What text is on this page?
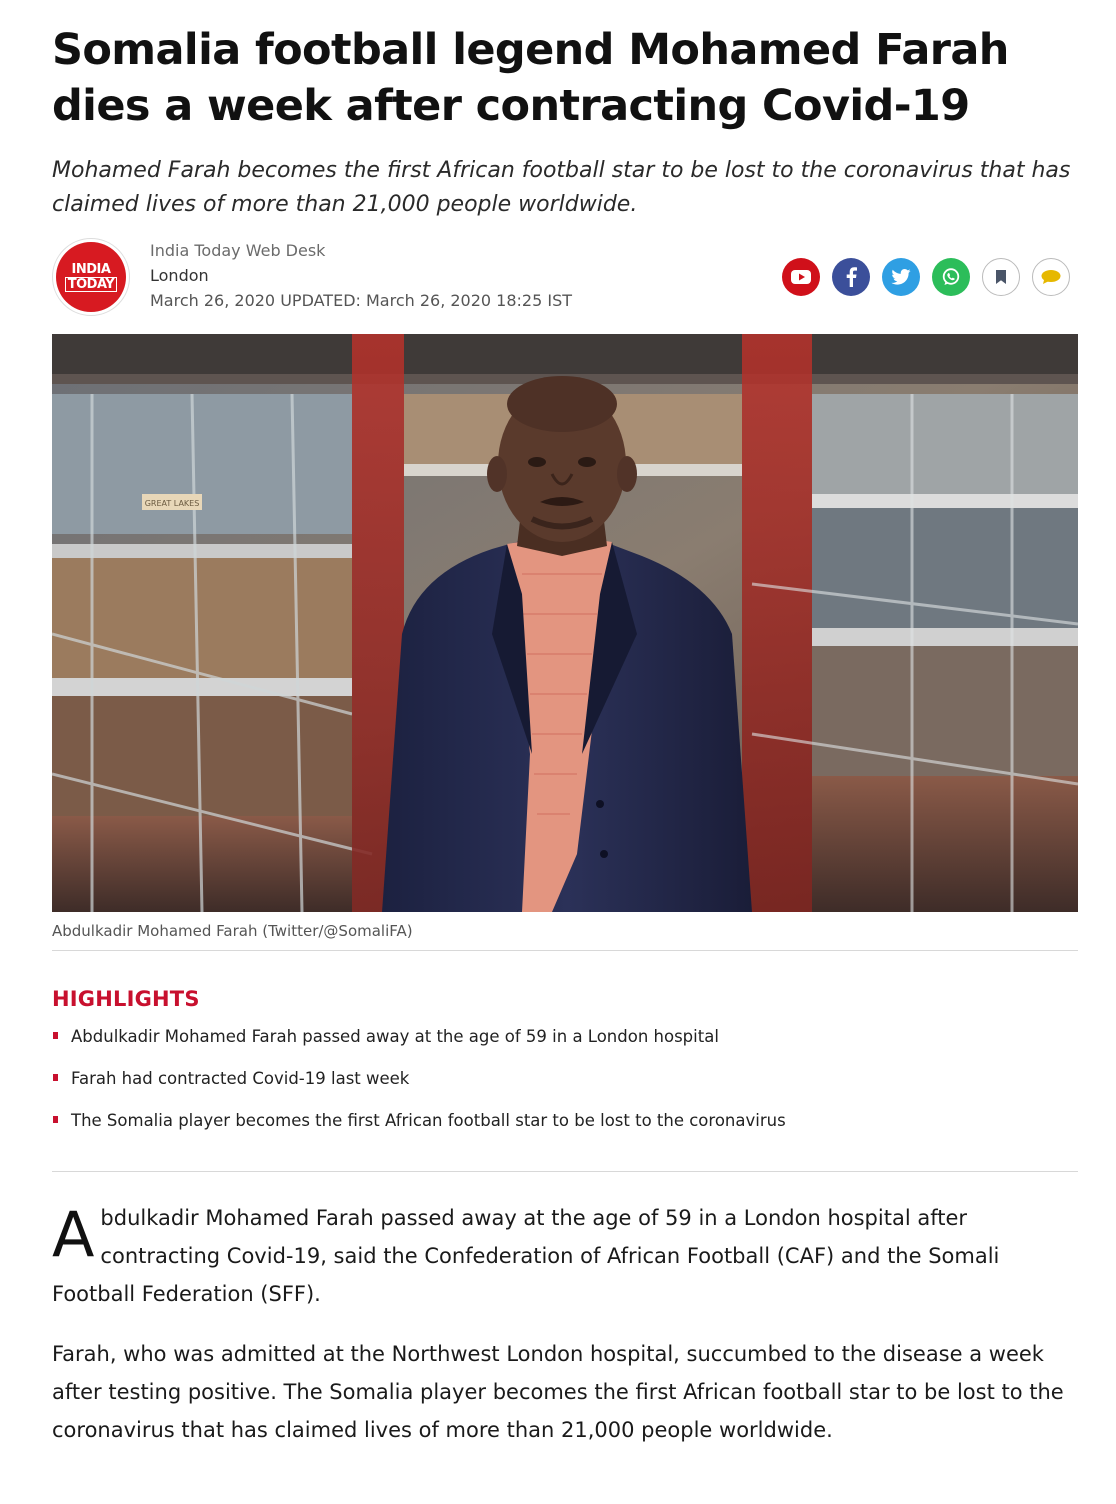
Somalia football legend Mohamed Farah dies a week after contracting Covid-19

Mohamed Farah becomes the first African football star to be lost to the coronavirus that has claimed lives of more than 21,000 people worldwide.

INDIA
TODAY
India Today Web Desk
London
March 26, 2020 UPDATED: March 26, 2020 18:25 IST
GREAT LAKES
Abdulkadir Mohamed Farah (Twitter/@SomaliFA)
HIGHLIGHTS
Abdulkadir Mohamed Farah passed away at the age of 59 in a London hospital
Farah had contracted Covid-19 last week
The Somalia player becomes the first African football star to be lost to the coronavirus

Abdulkadir Mohamed Farah passed away at the age of 59 in a London hospital after contracting Covid-19, said the Confederation of African Football (CAF) and the Somali Football Federation (SFF).

Farah, who was admitted at the Northwest London hospital, succumbed to the disease a week after testing positive. The Somalia player becomes the first African football star to be lost to the coronavirus that has claimed lives of more than 21,000 people worldwide.
